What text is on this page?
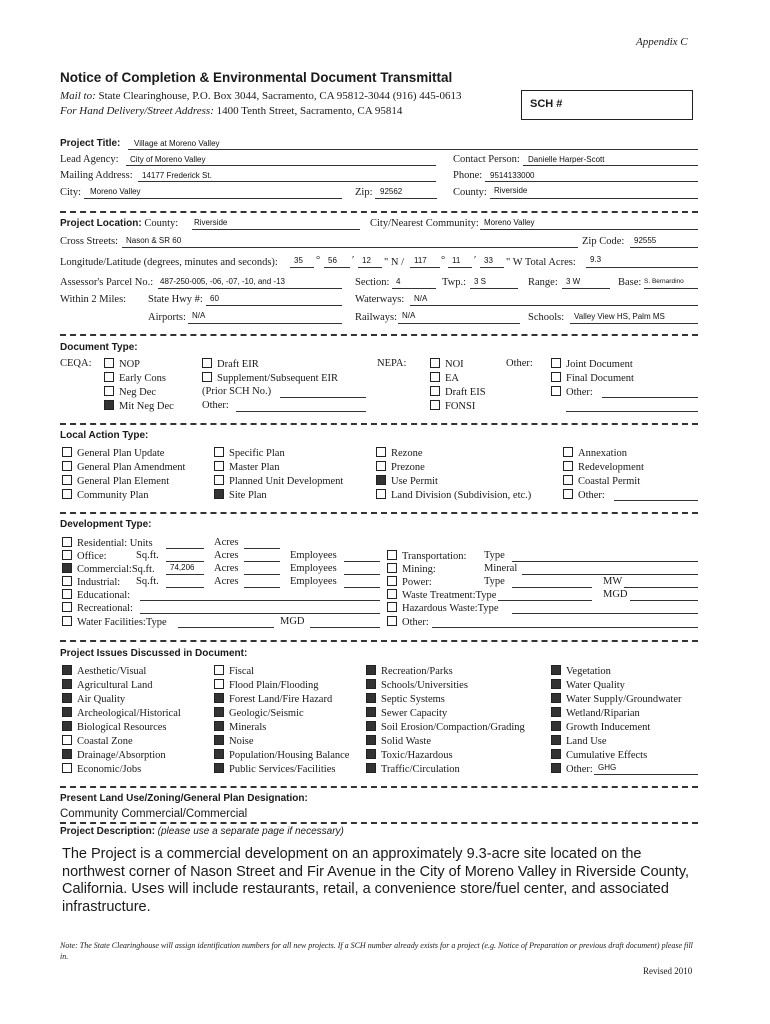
Appendix C
Notice of Completion & Environmental Document Transmittal
Mail to: State Clearinghouse, P.O. Box 3044, Sacramento, CA 95812-3044 (916) 445-0613
For Hand Delivery/Street Address: 1400 Tenth Street, Sacramento, CA 95814
SCH #
Project Title: Village at Moreno Valley
Lead Agency: City of Moreno Valley	Contact Person: Danielle Harper-Scott
Mailing Address: 14177 Frederick St.	Phone: 9514133000
City: Moreno Valley	Zip: 92562	County: Riverside
Project Location: County: Riverside	City/Nearest Community: Moreno Valley
Cross Streets: Nason & SR 60	Zip Code: 92555
Longitude/Latitude (degrees, minutes and seconds): 35 ° 56 ′ 12 " N / 117 ° 11 ′ 33 " W Total Acres: 9.3
Assessor's Parcel No.: 487-250-005, -06, -07, -10, and -13	Section: 4	Twp.: 3 S	Range: 3 W	Base: S. Bernardino
Within 2 Miles: State Hwy #: 60	Waterways: N/A
Airports: N/A	Railways: N/A	Schools: Valley View HS, Palm MS
Document Type:
CEQA:	NOP
Early Cons
Neg Dec
Mit Neg Dec
Draft EIR
Supplement/Subsequent EIR
(Prior SCH No.)
Other:
NEPA:	NOI
EA
Draft EIS
FONSI
Other:	Joint Document
Final Document
Other:
Local Action Type:
General Plan Update
General Plan Amendment
General Plan Element
Community Plan
Specific Plan
Master Plan
Planned Unit Development
Site Plan
Rezone
Prezone
Use Permit
Land Division (Subdivision, etc.)
Annexation
Redevelopment
Coastal Permit
Other:
Development Type:
Residential: Units	Acres
Office:	Sq.ft.	Acres	Employees
Commercial:Sq.ft. 74,206 Acres	Employees
Industrial: Sq.ft.	Acres	Employees
Educational:
Recreational:
Water Facilities:Type	MGD
Transportation: Type
Mining:	Mineral
Power:	Type	MW
Waste Treatment:Type	MGD
Hazardous Waste:Type
Other:
Project Issues Discussed in Document:
Aesthetic/Visual
Agricultural Land
Air Quality
Archeological/Historical
Biological Resources
Coastal Zone
Drainage/Absorption
Economic/Jobs
Fiscal
Flood Plain/Flooding
Forest Land/Fire Hazard
Geologic/Seismic
Minerals
Noise
Population/Housing Balance
Public Services/Facilities
Recreation/Parks
Schools/Universities
Septic Systems
Sewer Capacity
Soil Erosion/Compaction/Grading
Solid Waste
Toxic/Hazardous
Traffic/Circulation
Vegetation
Water Quality
Water Supply/Groundwater
Wetland/Riparian
Growth Inducement
Land Use
Cumulative Effects
Other: GHG
Present Land Use/Zoning/General Plan Designation:
Community Commercial/Commercial
Project Description: (please use a separate page if necessary)
The Project is a commercial development on an approximately 9.3-acre site located on the northwest corner of Nason Street and Fir Avenue in the City of Moreno Valley in Riverside County, California. Uses will include restaurants, retail, a convenience store/fuel center, and associated infrastructure.
Note: The State Clearinghouse will assign identification numbers for all new projects. If a SCH number already exists for a project (e.g. Notice of Preparation or previous draft document) please fill in.
Revised 2010
